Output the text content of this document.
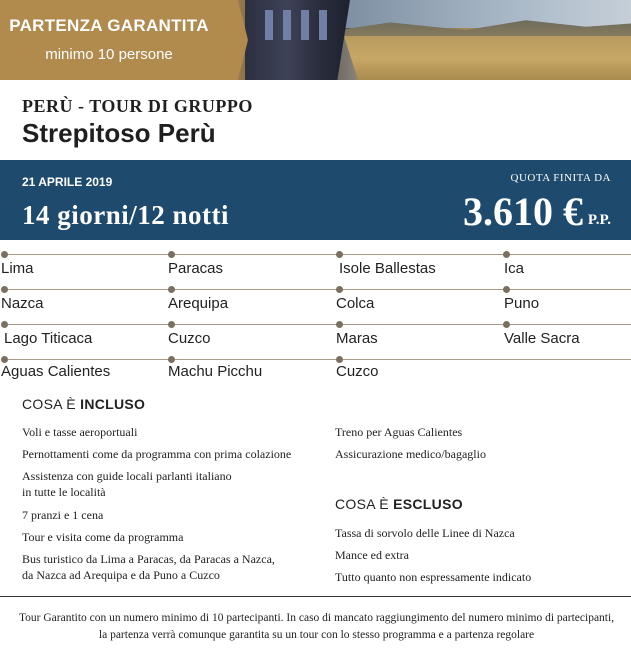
PARTENZA GARANTITA
minimo 10 persone
PERÙ - TOUR DI GRUPPO
Strepitoso Perù
21 APRILE 2019
14 giorni/12 notti
QUOTA FINITA DA
3.610 € P.P.
Lima	Paracas	Isole Ballestas	Ica
Nazca	Arequipa	Colca	Puno
Lago Titicaca	Cuzco	Maras	Valle Sacra
Aguas Calientes	Machu Picchu	Cuzco
COSA È INCLUSO
Voli e tasse aeroportuali
Pernottamenti come da programma con prima colazione
Assistenza con guide locali parlanti italiano
in tutte le località
7 pranzi e 1 cena
Tour e visita come da programma
Bus turistico da Lima a Paracas, da Paracas a Nazca,
da Nazca ad Arequipa e da Puno a Cuzco
Treno per Aguas Calientes
Assicurazione medico/bagaglio
COSA È ESCLUSO
Tassa di sorvolo delle Linee di Nazca
Mance ed extra
Tutto quanto non espressamente indicato
Tour Garantito con un numero minimo di 10 partecipanti. In caso di mancato raggiungimento del numero minimo di partecipanti, la partenza verrà comunque garantita su un tour con lo stesso programma e a partenza regolare
